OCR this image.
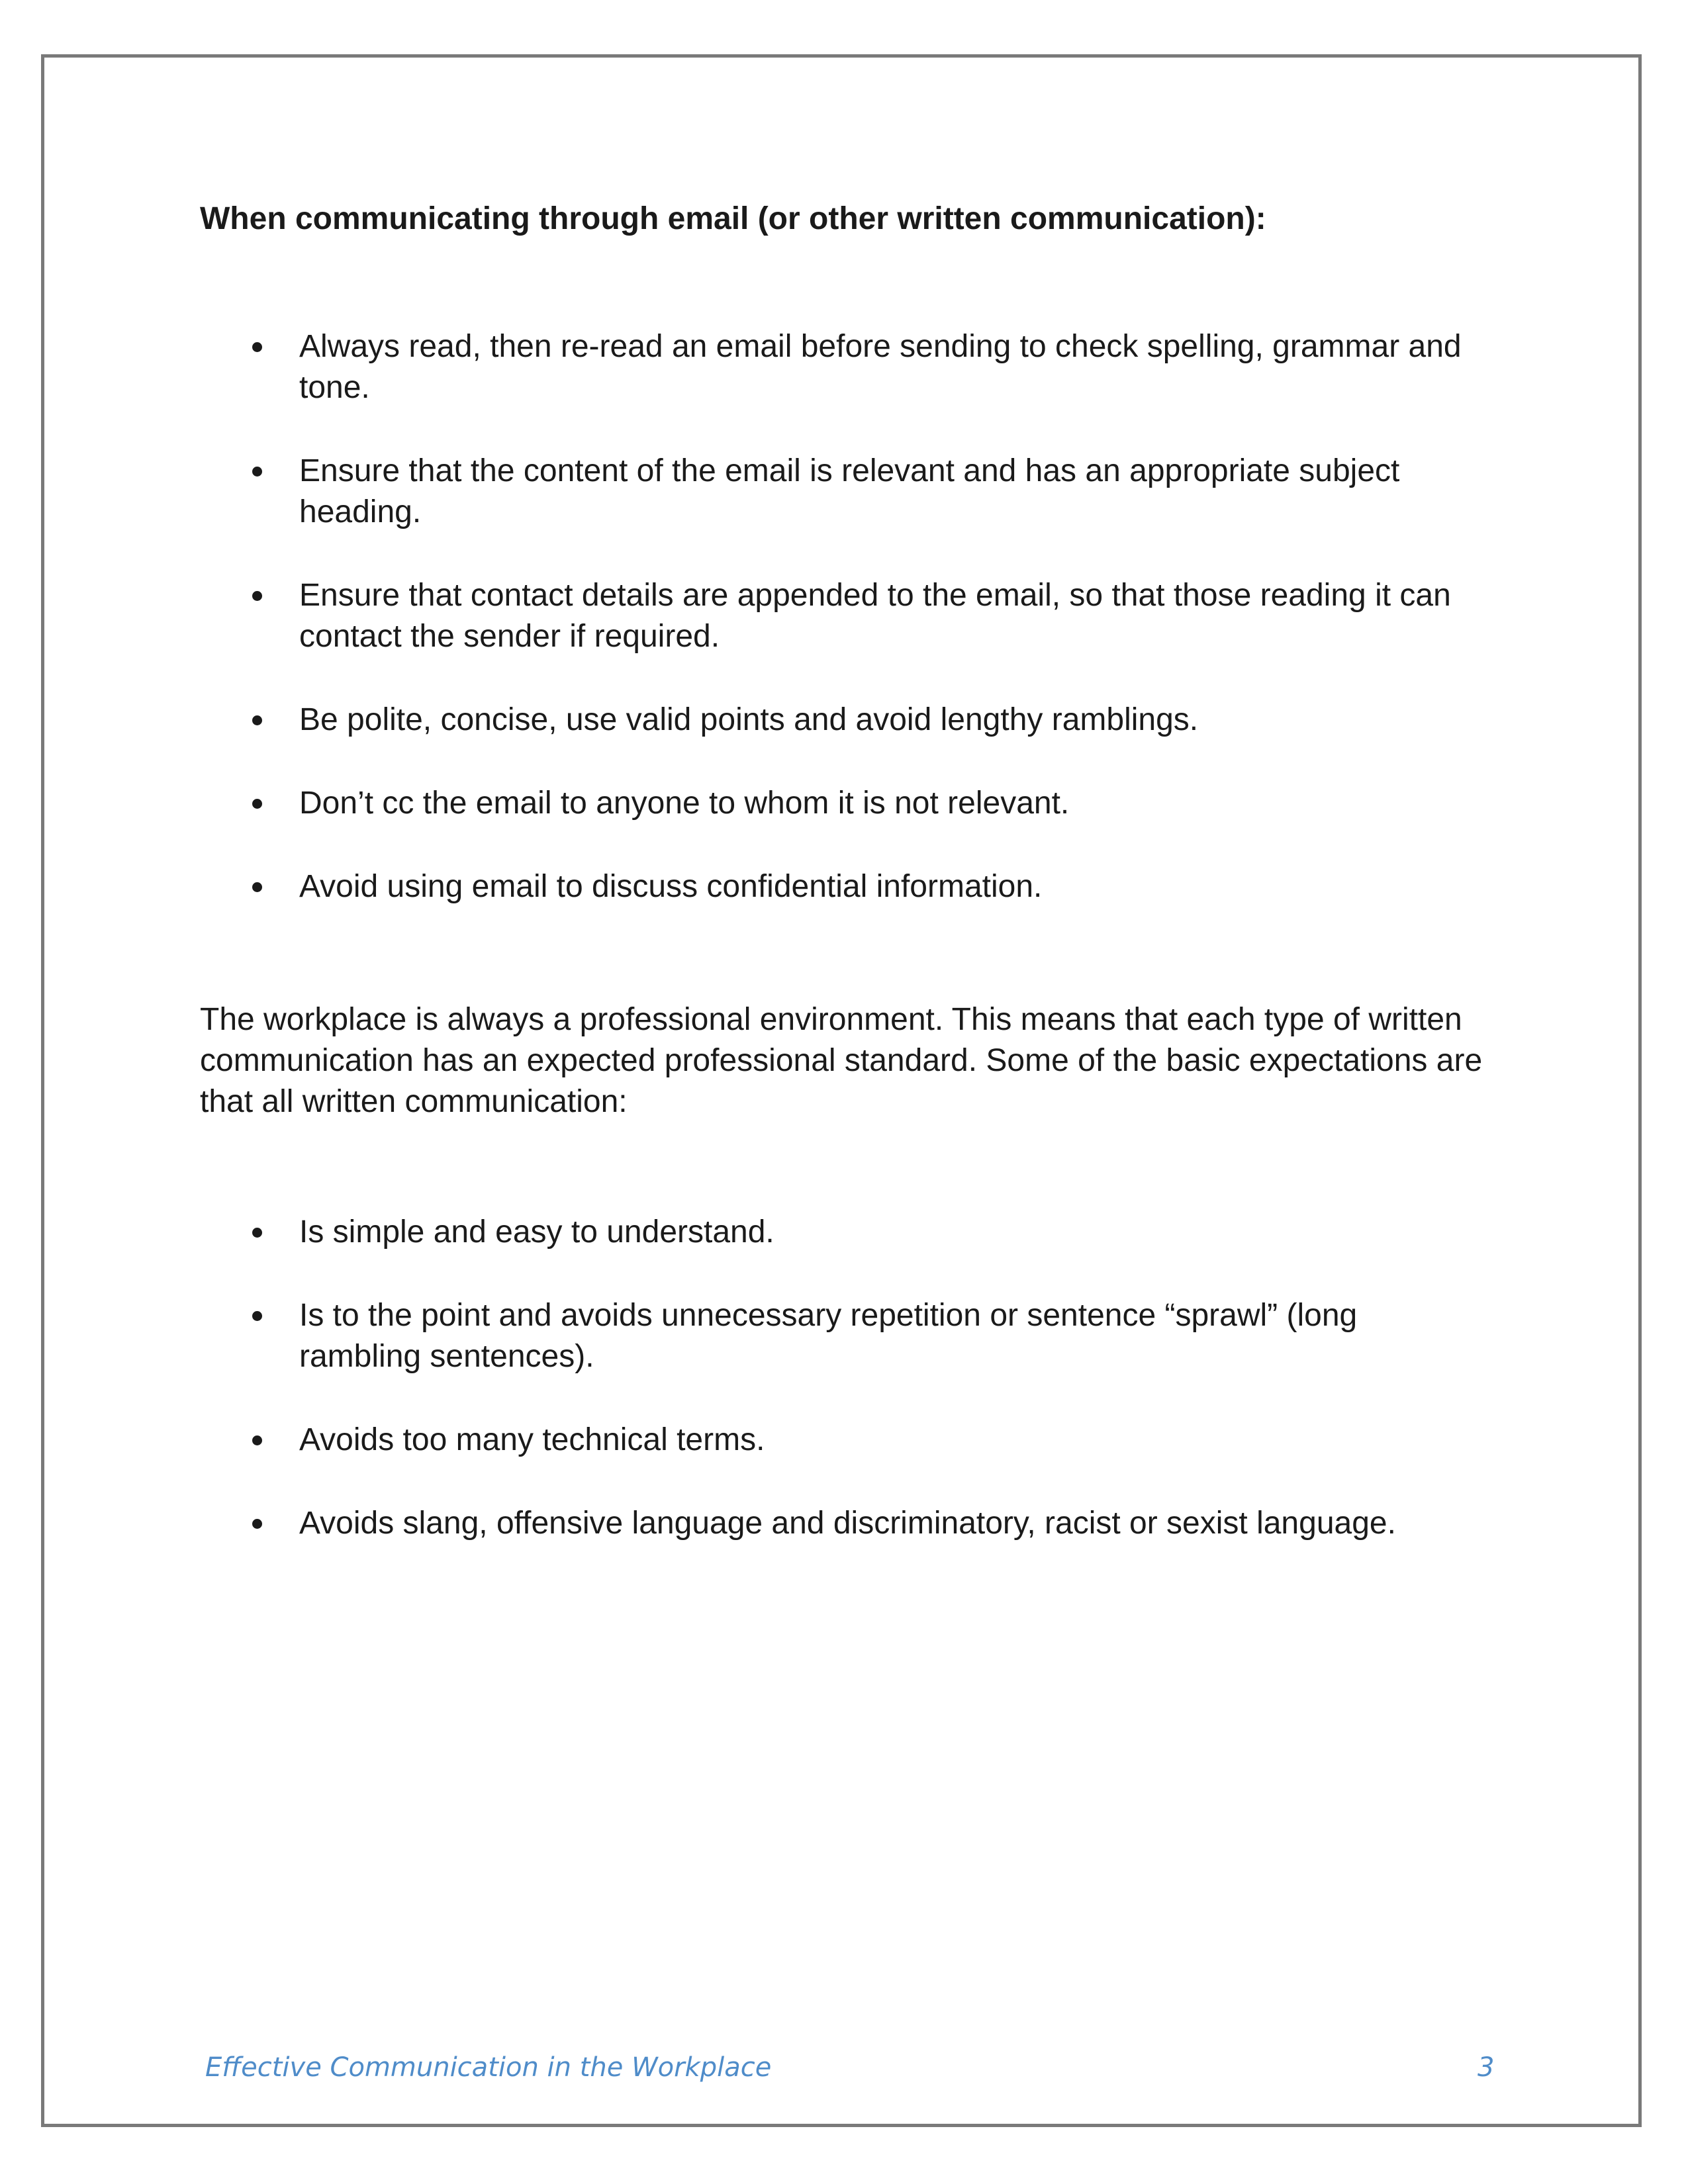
When communicating through email (or other written communication):
Always read, then re-read an email before sending to check spelling, grammar and tone.
Ensure that the content of the email is relevant and has an appropriate subject heading.
Ensure that contact details are appended to the email, so that those reading it can contact the sender if required.
Be polite, concise, use valid points and avoid lengthy ramblings.
Don’t cc the email to anyone to whom it is not relevant.
Avoid using email to discuss confidential information.

The workplace is always a professional environment. This means that each type of written communication has an expected professional standard. Some of the basic expectations are that all written communication:

Is simple and easy to understand.
Is to the point and avoids unnecessary repetition or sentence “sprawl” (long rambling sentences).
Avoids too many technical terms.
Avoids slang, offensive language and discriminatory, racist or sexist language.
Effective Communication in the Workplace	3
